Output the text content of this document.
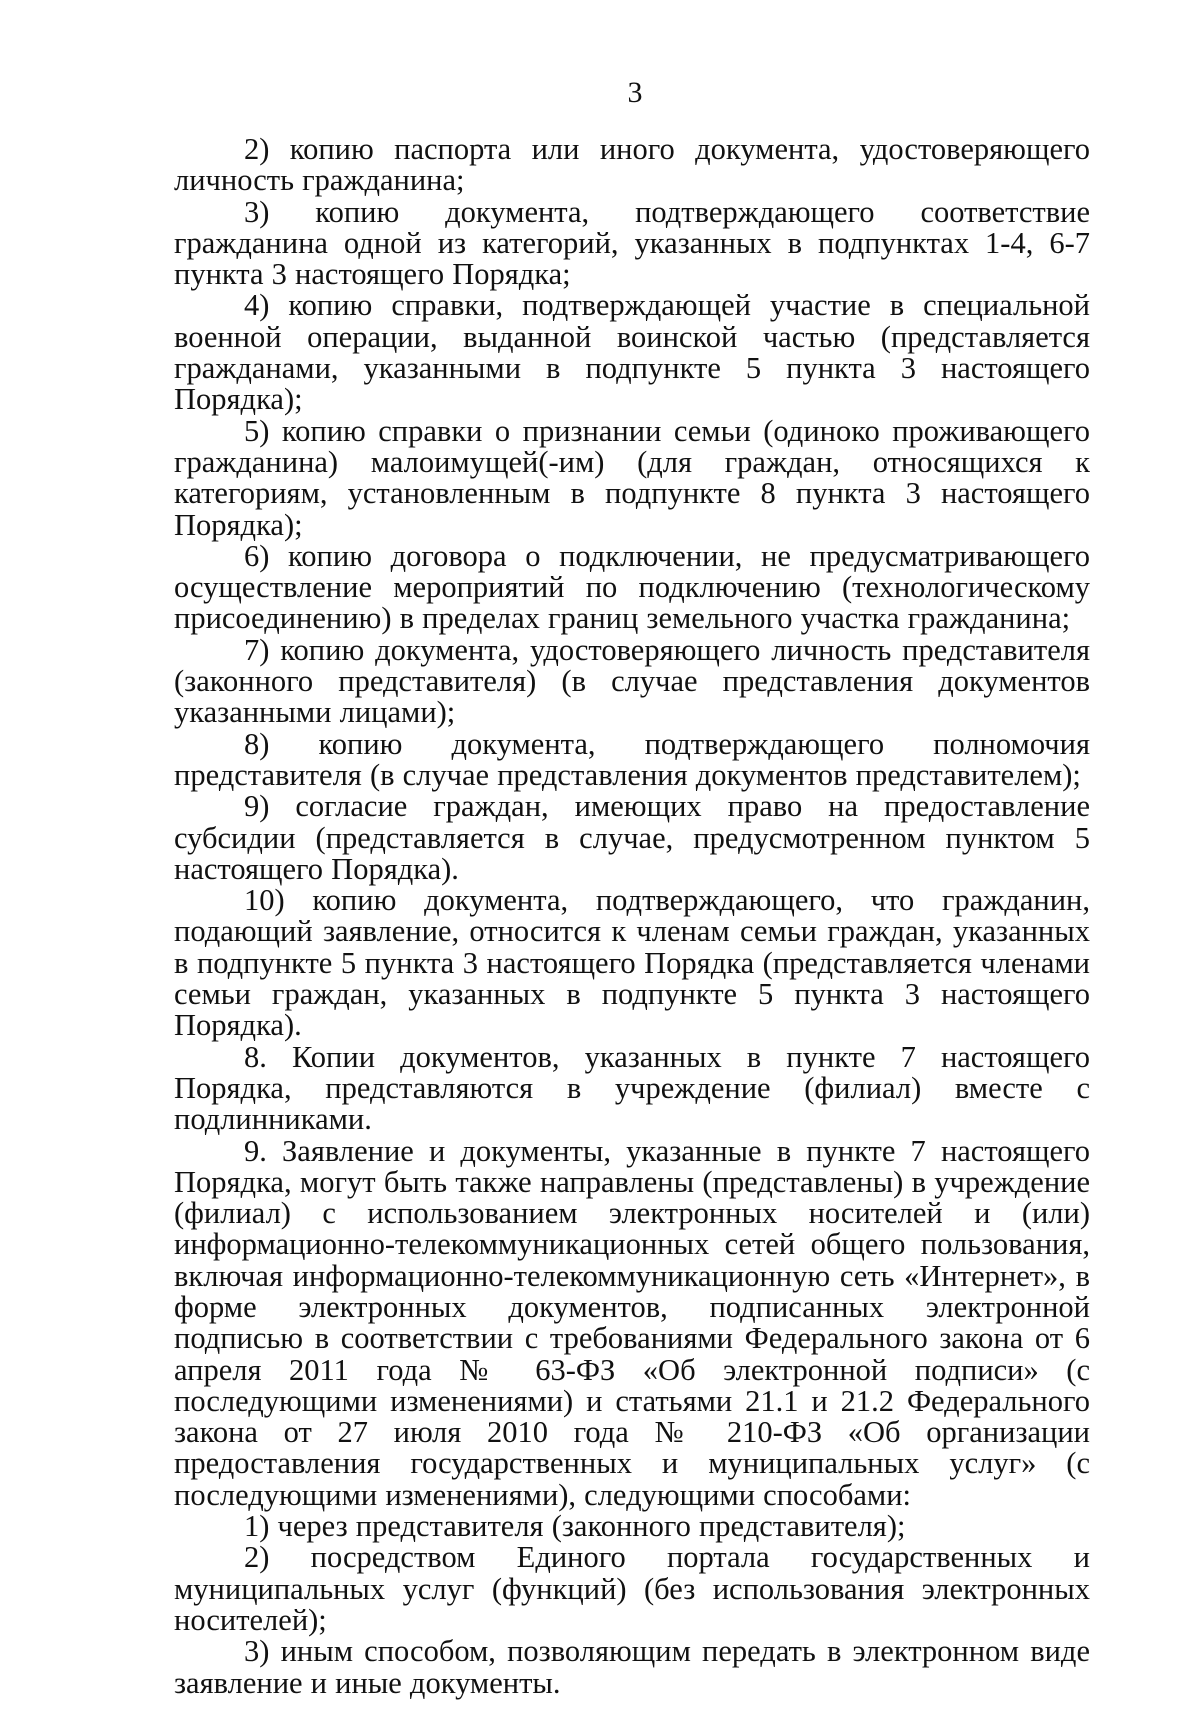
3

2) копию паспорта или иного документа, удостоверяющего личность гражданина;

3) копию документа, подтверждающего соответствие гражданина одной из категорий, указанных в подпунктах 1-4, 6-7 пункта 3 настоящего Порядка;

4) копию справки, подтверждающей участие в специальной военной операции, выданной воинской частью (представляется гражданами, указанными в подпункте 5 пункта 3 настоящего Порядка);

5) копию справки о признании семьи (одиноко проживающего гражданина) малоимущей(-им) (для граждан, относящихся к категориям, установленным в подпункте 8 пункта 3 настоящего Порядка);

6) копию договора о подключении, не предусматривающего осуществление мероприятий по подключению (технологическому присоединению) в пределах границ земельного участка гражданина;

7) копию документа, удостоверяющего личность представителя (законного представителя) (в случае представления документов указанными лицами);

8) копию документа, подтверждающего полномочия представителя (в случае представления документов представителем);

9) согласие граждан, имеющих право на предоставление субсидии (представляется в случае, предусмотренном пунктом 5 настоящего Порядка).

10) копию документа, подтверждающего, что гражданин, подающий заявление, относится к членам семьи граждан, указанных в подпункте 5 пункта 3 настоящего Порядка (представляется членами семьи граждан, указанных в подпункте 5 пункта 3 настоящего Порядка).

8. Копии документов, указанных в пункте 7 настоящего Порядка, представляются в учреждение (филиал) вместе с подлинниками.

9. Заявление и документы, указанные в пункте 7 настоящего Порядка, могут быть также направлены (представлены) в учреждение (филиал) с использованием электронных носителей и (или) информационно-телекоммуникационных сетей общего пользования, включая информационно-телекоммуникационную сеть «Интернет», в форме электронных документов, подписанных электронной подписью в соответствии с требованиями Федерального закона от 6 апреля 2011 года № 63-ФЗ «Об электронной подписи» (с последующими изменениями) и статьями 21.1 и 21.2 Федерального закона от 27 июля 2010 года № 210-ФЗ «Об организации предоставления государственных и муниципальных услуг» (с последующими изменениями), следующими способами:

1) через представителя (законного представителя);

2) посредством Единого портала государственных и муниципальных услуг (функций) (без использования электронных носителей);

3) иным способом, позволяющим передать в электронном виде заявление и иные документы.
